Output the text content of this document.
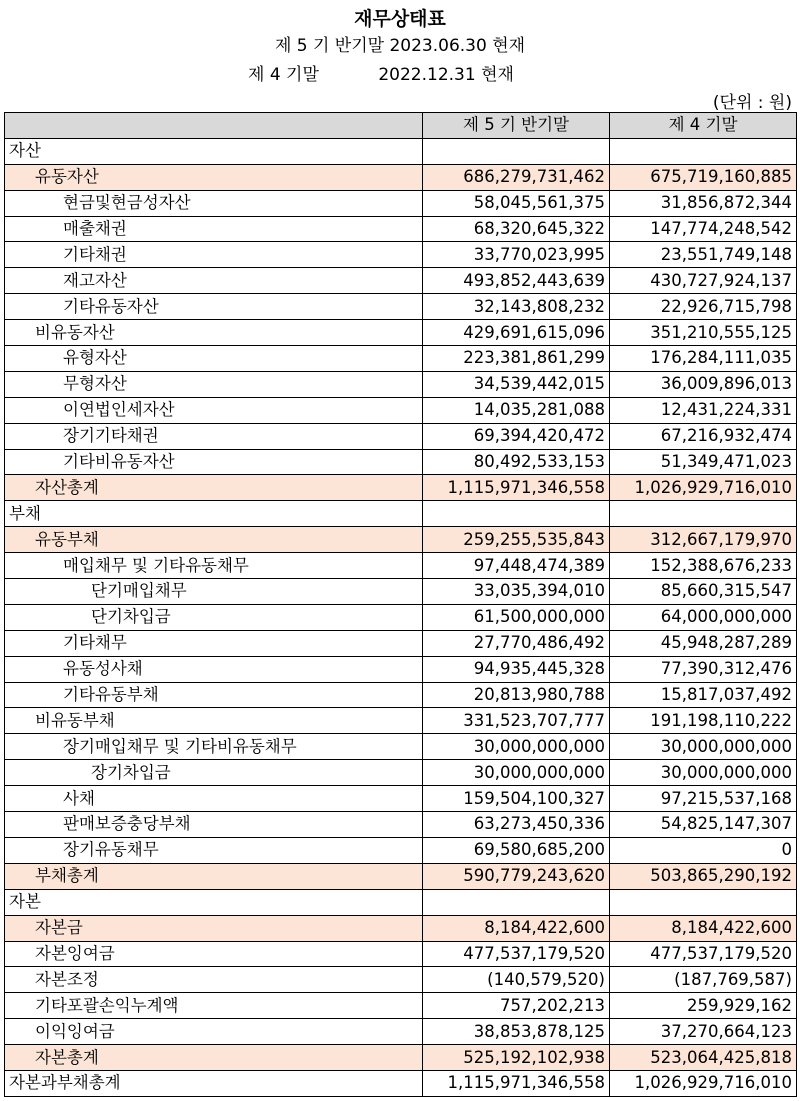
재무상태표
제 5 기 반기말 2023.06.30 현재
제 4 기말           2022.12.31 현재
(단위 : 원)
	제 5 기 반기말	제 4 기말
자산		
유동자산	686,279,731,462	675,719,160,885
현금및현금성자산	58,045,561,375	31,856,872,344
매출채권	68,320,645,322	147,774,248,542
기타채권	33,770,023,995	23,551,749,148
재고자산	493,852,443,639	430,727,924,137
기타유동자산	32,143,808,232	22,926,715,798
비유동자산	429,691,615,096	351,210,555,125
유형자산	223,381,861,299	176,284,111,035
무형자산	34,539,442,015	36,009,896,013
이연법인세자산	14,035,281,088	12,431,224,331
장기기타채권	69,394,420,472	67,216,932,474
기타비유동자산	80,492,533,153	51,349,471,023
자산총계	1,115,971,346,558	1,026,929,716,010
부채		
유동부채	259,255,535,843	312,667,179,970
매입채무 및 기타유동채무	97,448,474,389	152,388,676,233
단기매입채무	33,035,394,010	85,660,315,547
단기차입금	61,500,000,000	64,000,000,000
기타채무	27,770,486,492	45,948,287,289
유동성사채	94,935,445,328	77,390,312,476
기타유동부채	20,813,980,788	15,817,037,492
비유동부채	331,523,707,777	191,198,110,222
장기매입채무 및 기타비유동채무	30,000,000,000	30,000,000,000
장기차입금	30,000,000,000	30,000,000,000
사채	159,504,100,327	97,215,537,168
판매보증충당부채	63,273,450,336	54,825,147,307
장기유동채무	69,580,685,200	0
부채총계	590,779,243,620	503,865,290,192
자본		
자본금	8,184,422,600	8,184,422,600
자본잉여금	477,537,179,520	477,537,179,520
자본조정	(140,579,520)	(187,769,587)
기타포괄손익누계액	757,202,213	259,929,162
이익잉여금	38,853,878,125	37,270,664,123
자본총계	525,192,102,938	523,064,425,818
자본과부채총계	1,115,971,346,558	1,026,929,716,010
